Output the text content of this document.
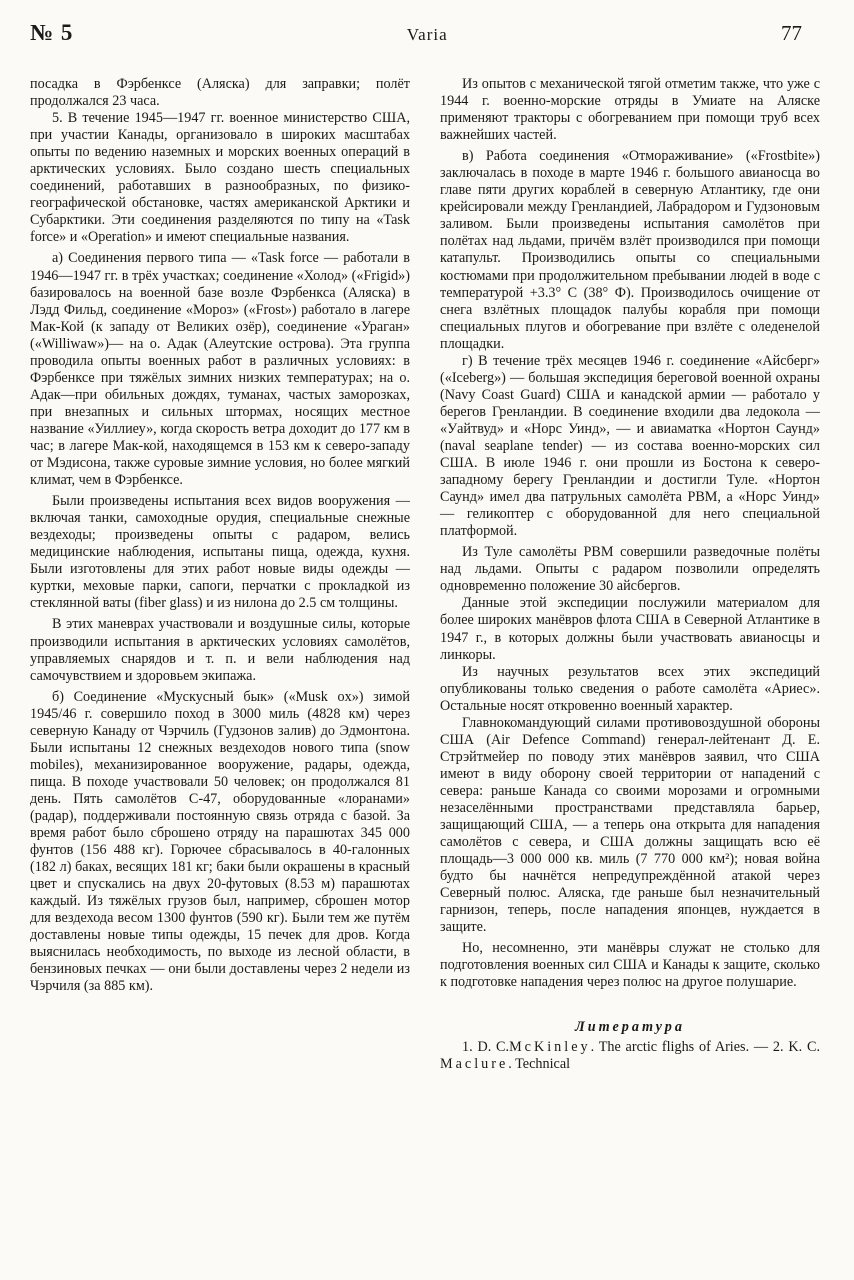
№ 5	Varia	77

посадка в Фэрбенксе (Аляска) для заправки; полёт продолжался 23 часа.

5. В течение 1945—1947 гг. военное министерство США, при участии Канады, организовало в широких масштабах опыты по ведению наземных и морских военных операций в арктических условиях. Было создано шесть специальных соединений, работавших в разнообразных, по физико-географической обстановке, частях американской Арктики и Субарктики. Эти соединения разделяются по типу на «Task force» и «Operation» и имеют специальные названия.

а) Соединения первого типа — «Task force — работали в 1946—1947 гг. в трёх участках; соединение «Холод» («Frigid») базировалось на военной базе возле Фэрбенкса (Аляска) в Лэдд Фильд, соединение «Мороз» («Frost») работало в лагере Мак-Кой (к западу от Великих озёр), соединение «Ураган» («Williwaw»)— на о. Адак (Алеутские острова). Эта группа проводила опыты военных работ в различных условиях: в Фэрбенксе при тяжёлых зимних низких температурах; на о. Адак—при обильных дождях, туманах, частых заморозках, при внезапных и сильных штормах, носящих местное название «Уиллиеу», когда скорость ветра доходит до 177 км в час; в лагере Мак-кой, находящемся в 153 км к северо-западу от Мэдисона, также суровые зимние условия, но более мягкий климат, чем в Фэрбенксе.

Были произведены испытания всех видов вооружения — включая танки, самоходные орудия, специальные снежные вездеходы; произведены опыты с радаром, велись медицинские наблюдения, испытаны пища, одежда, кухня. Были изготовлены для этих работ новые виды одежды — куртки, меховые парки, сапоги, перчатки с прокладкой из стеклянной ваты (fiber glass) и из нилона до 2.5 см толщины.

В этих маневрах участвовали и воздушные силы, которые производили испытания в арктических условиях самолётов, управляемых снарядов и т. п. и вели наблюдения над самочувствием и здоровьем экипажа.

б) Соединение «Мускусный бык» («Musk ox») зимой 1945/46 г. совершило поход в 3000 миль (4828 км) через северную Канаду от Чэрчиль (Гудзонов залив) до Эдмонтона. Были испытаны 12 снежных вездеходов нового типа (snow mobiles), механизированное вооружение, радары, одежда, пища. В походе участвовали 50 человек; он продолжался 81 день. Пять самолётов С-47, оборудованные «лоранами» (радар), поддерживали постоянную связь отряда с базой. За время работ было сброшено отряду на парашютах 345 000 фунтов (156 488 кг). Горючее сбрасывалось в 40-галонных (182 л) баках, весящих 181 кг; баки были окрашены в красный цвет и спускались на двух 20-футовых (8.53 м) парашютах каждый. Из тяжёлых грузов был, например, сброшен мотор для вездехода весом 1300 фунтов (590 кг). Были тем же путём доставлены новые типы одежды, 15 печек для дров. Когда выяснилась необходимость, по выходе из лесной области, в бензиновых печках — они были доставлены через 2 недели из Чэрчиля (за 885 км).

Из опытов с механической тягой отметим также, что уже с 1944 г. военно-морские отряды в Умиате на Аляске применяют тракторы с обогреванием при помощи труб всех важнейших частей.

в) Работа соединения «Отмораживание» («Frostbite») заключалась в походе в марте 1946 г. большого авианосца во главе пяти других кораблей в северную Атлантику, где они крейсировали между Гренландией, Лабрадором и Гудзоновым заливом. Были произведены испытания самолётов при полётах над льдами, причём взлёт производился при помощи катапульт. Производились опыты со специальными костюмами при продолжительном пребывании людей в воде с температурой +3.3° С (38° Ф). Производилось очищение от снега взлётных площадок палубы корабля при помощи специальных плугов и обогревание при взлёте с оледенелой площадки.

г) В течение трёх месяцев 1946 г. соединение «Айсберг» («Iceberg») — большая экспедиция береговой военной охраны (Navy Coast Guard) США и канадской армии — работало у берегов Гренландии. В соединение входили два ледокола — «Уайтвуд» и «Норс Уинд», — и авиаматка «Нортон Саунд» (naval seaplane tender) — из состава военно-морских сил США. В июле 1946 г. они прошли из Бостона к северо-западному берегу Гренландии и достигли Туле. «Нортон Саунд» имел два патрульных самолёта PBM, а «Норс Уинд» — геликоптер с оборудованной для него специальной платформой.

Из Туле самолёты PBM совершили разведочные полёты над льдами. Опыты с радаром позволили определять одновременно положение 30 айсбергов.

Данные этой экспедиции послужили материалом для более широких манёвров флота США в Северной Атлантике в 1947 г., в которых должны были участвовать авианосцы и линкоры.

Из научных результатов всех этих экспедиций опубликованы только сведения о работе самолёта «Ариес». Остальные носят откровенно военный характер.

Главнокомандующий силами противовоздушной обороны США (Air Defence Command) генерал-лейтенант Д. Е. Стрэйтмейер по поводу этих манёвров заявил, что США имеют в виду оборону своей территории от нападений с севера: раньше Канада со своими морозами и огромными незаселёнными пространствами представляла барьер, защищающий США, — а теперь она открыта для нападения самолётов с севера, и США должны защищать всю её площадь—3 000 000 кв. миль (7 770 000 км²); новая война будто бы начнётся непредупреждённой атакой через Северный полюс. Аляска, где раньше был незначительный гарнизон, теперь, после нападения японцев, нуждается в защите.

Но, несомненно, эти манёвры служат не столько для подготовления военных сил США и Канады к защите, сколько к подготовке нападения через полюс на другое полушарие.

Литература

1. D. C.McKinley. The arctic flighs of Aries. — 2. K. C. Maclure. Technical
